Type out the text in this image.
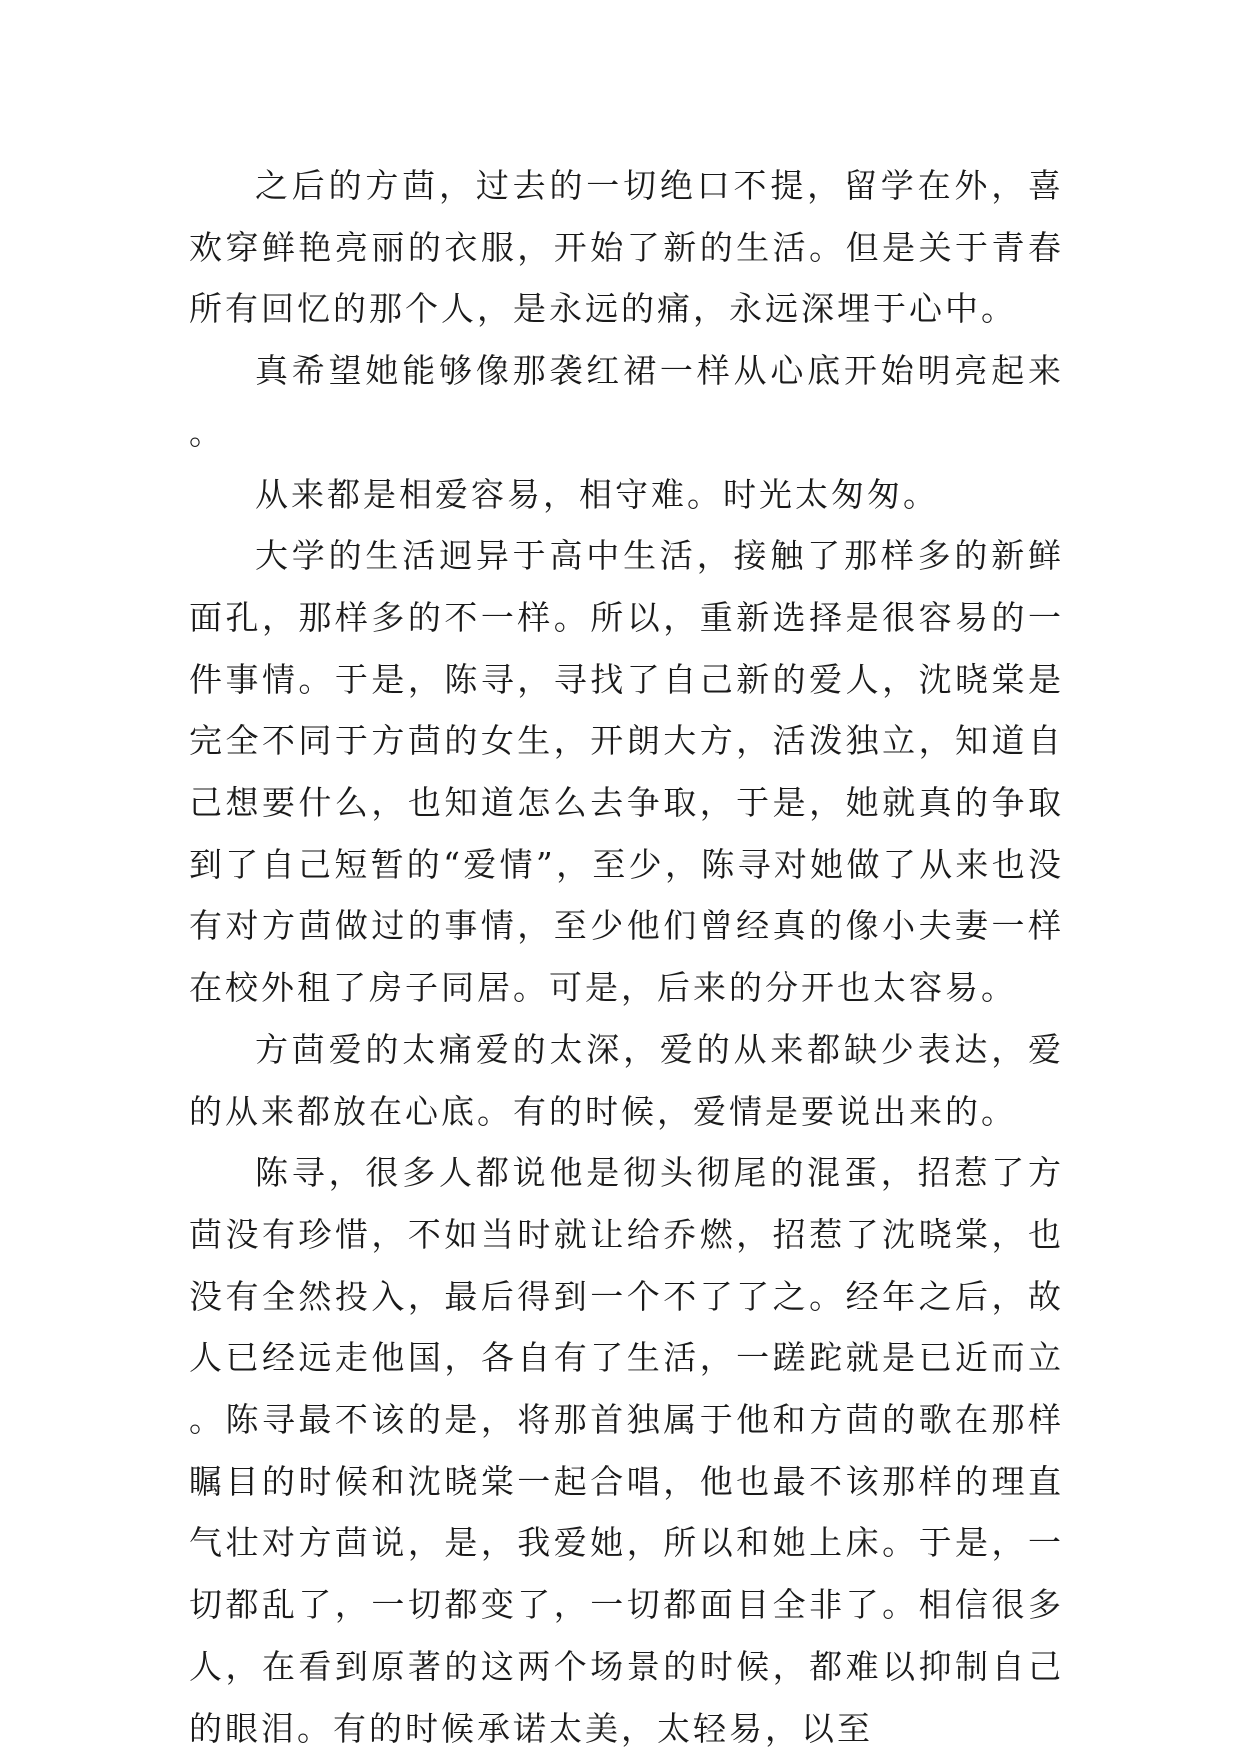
之后的方茴，过去的一切绝口不提，留学在外，喜欢穿鲜艳亮丽的衣服，开始了新的生活。但是关于青春所有回忆的那个人，是永远的痛，永远深埋于心中。

真希望她能够像那袭红裙一样从心底开始明亮起来。

从来都是相爱容易，相守难。时光太匆匆。

大学的生活迥异于高中生活，接触了那样多的新鲜面孔，那样多的不一样。所以，重新选择是很容易的一件事情。于是，陈寻，寻找了自己新的爱人，沈晓棠是完全不同于方茴的女生，开朗大方，活泼独立，知道自己想要什么，也知道怎么去争取，于是，她就真的争取到了自己短暂的“爱情”，至少，陈寻对她做了从来也没有对方茴做过的事情，至少他们曾经真的像小夫妻一样在校外租了房子同居。可是，后来的分开也太容易。

方茴爱的太痛爱的太深，爱的从来都缺少表达，爱的从来都放在心底。有的时候，爱情是要说出来的。

陈寻，很多人都说他是彻头彻尾的混蛋，招惹了方茴没有珍惜，不如当时就让给乔燃，招惹了沈晓棠，也没有全然投入，最后得到一个不了了之。经年之后，故人已经远走他国，各自有了生活，一蹉跎就是已近而立。陈寻最不该的是，将那首独属于他和方茴的歌在那样瞩目的时候和沈晓棠一起合唱，他也最不该那样的理直气壮对方茴说，是，我爱她，所以和她上床。于是，一切都乱了，一切都变了，一切都面目全非了。相信很多人，在看到原著的这两个场景的时候，都难以抑制自己的眼泪。有的时候承诺太美，太轻易，以至
